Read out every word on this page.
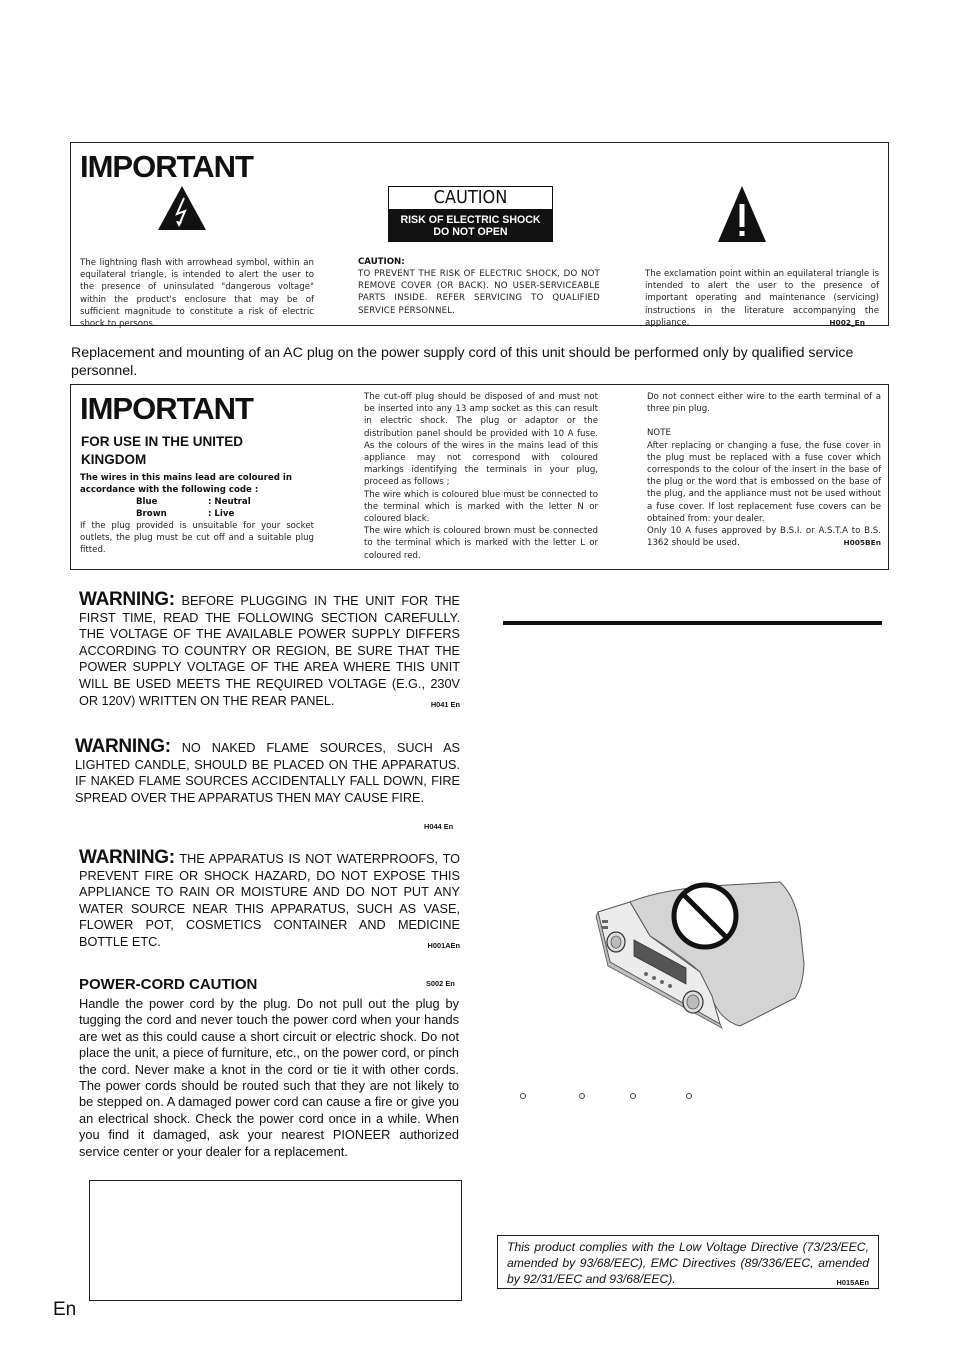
IMPORTANT
The lightning flash with arrowhead symbol, within an equilateral triangle, is intended to alert the user to the presence of uninsulated "dangerous voltage" within the product's enclosure that may be of sufficient magnitude to constitute a risk of electric shock to persons.
CAUTION:
TO PREVENT THE RISK OF ELECTRIC SHOCK, DO NOT REMOVE COVER (OR BACK). NO USER-SERVICEABLE PARTS INSIDE. REFER SERVICING TO QUALIFIED SERVICE PERSONNEL.
The exclamation point within an equilateral triangle is intended to alert the user to the presence of important operating and maintenance (servicing) instructions in the literature accompanying the appliance.	H002_En
CAUTION
RISK OF ELECTRIC SHOCK
DO NOT OPEN
Replacement and mounting of an AC plug on the power supply cord of this unit should be performed only by qualified service personnel.
IMPORTANT
FOR USE IN THE UNITED
KINGDOM
The wires in this mains lead are coloured in accordance with the following code :
Blue	: Neutral
Brown	: Live
If the plug provided is unsuitable for your socket outlets, the plug must be cut off and a suitable plug fitted.

The cut-off plug should be disposed of and must not be inserted into any 13 amp socket as this can result in electric shock. The plug or adaptor or the distribution panel should be provided with 10 A fuse. As the colours of the wires in the mains lead of this appliance may not correspond with coloured markings identifying the terminals in your plug, proceed as follows ;

The wire which is coloured blue must be connected to the terminal which is marked with the letter N or coloured black.

The wire which is coloured brown must be connected to the terminal which is marked with the letter L or coloured red.

Do not connect either wire to the earth terminal of a three pin plug.

NOTE

After replacing or changing a fuse, the fuse cover in the plug must be replaced with a fuse cover which corresponds to the colour of the insert in the base of the plug or the word that is embossed on the base of the plug, and the appliance must not be used without a fuse cover. If lost replacement fuse covers can be obtained from: your dealer.

Only 10 A fuses approved by B.S.I. or A.S.T.A to B.S. 1362 should be used.	H005BEn

WARNING: BEFORE PLUGGING IN THE UNIT FOR THE FIRST TIME, READ THE FOLLOWING SECTION CAREFULLY. THE VOLTAGE OF THE AVAILABLE POWER SUPPLY DIFFERS ACCORDING TO COUNTRY OR REGION, BE SURE THAT THE POWER SUPPLY VOLTAGE OF THE AREA WHERE THIS UNIT WILL BE USED MEETS THE REQUIRED VOLTAGE (E.G., 230V OR 120V) WRITTEN ON THE REAR PANEL.	H041 En
WARNING: NO NAKED FLAME SOURCES, SUCH AS LIGHTED CANDLE, SHOULD BE PLACED ON THE APPARATUS. IF NAKED FLAME SOURCES ACCIDENTALLY FALL DOWN, FIRE SPREAD OVER THE APPARATUS THEN MAY CAUSE FIRE.
H044 En
WARNING: THE APPARATUS IS NOT WATERPROOFS, TO PREVENT FIRE OR SHOCK HAZARD, DO NOT EXPOSE THIS APPLIANCE TO RAIN OR MOISTURE AND DO NOT PUT ANY WATER SOURCE NEAR THIS APPARATUS, SUCH AS VASE, FLOWER POT, COSMETICS CONTAINER AND MEDICINE BOTTLE ETC.	H001AEn
POWER-CORD CAUTION	S002 En
Handle the power cord by the plug. Do not pull out the plug by tugging the cord and never touch the power cord when your hands are wet as this could cause a short circuit or electric shock. Do not place the unit, a piece of furniture, etc., on the power cord, or pinch the cord. Never make a knot in the cord or tie it with other cords. The power cords should be routed such that they are not likely to be stepped on. A damaged power cord can cause a fire or give you an electrical shock. Check the power cord once in a while. When you find it damaged, ask your nearest PIONEER authorized service center or your dealer for a replacement.
This product complies with the Low Voltage Directive (73/23/EEC, amended by 93/68/EEC), EMC Directives (89/336/EEC, amended by 92/31/EEC and 93/68/EEC).	H015AEn
En
